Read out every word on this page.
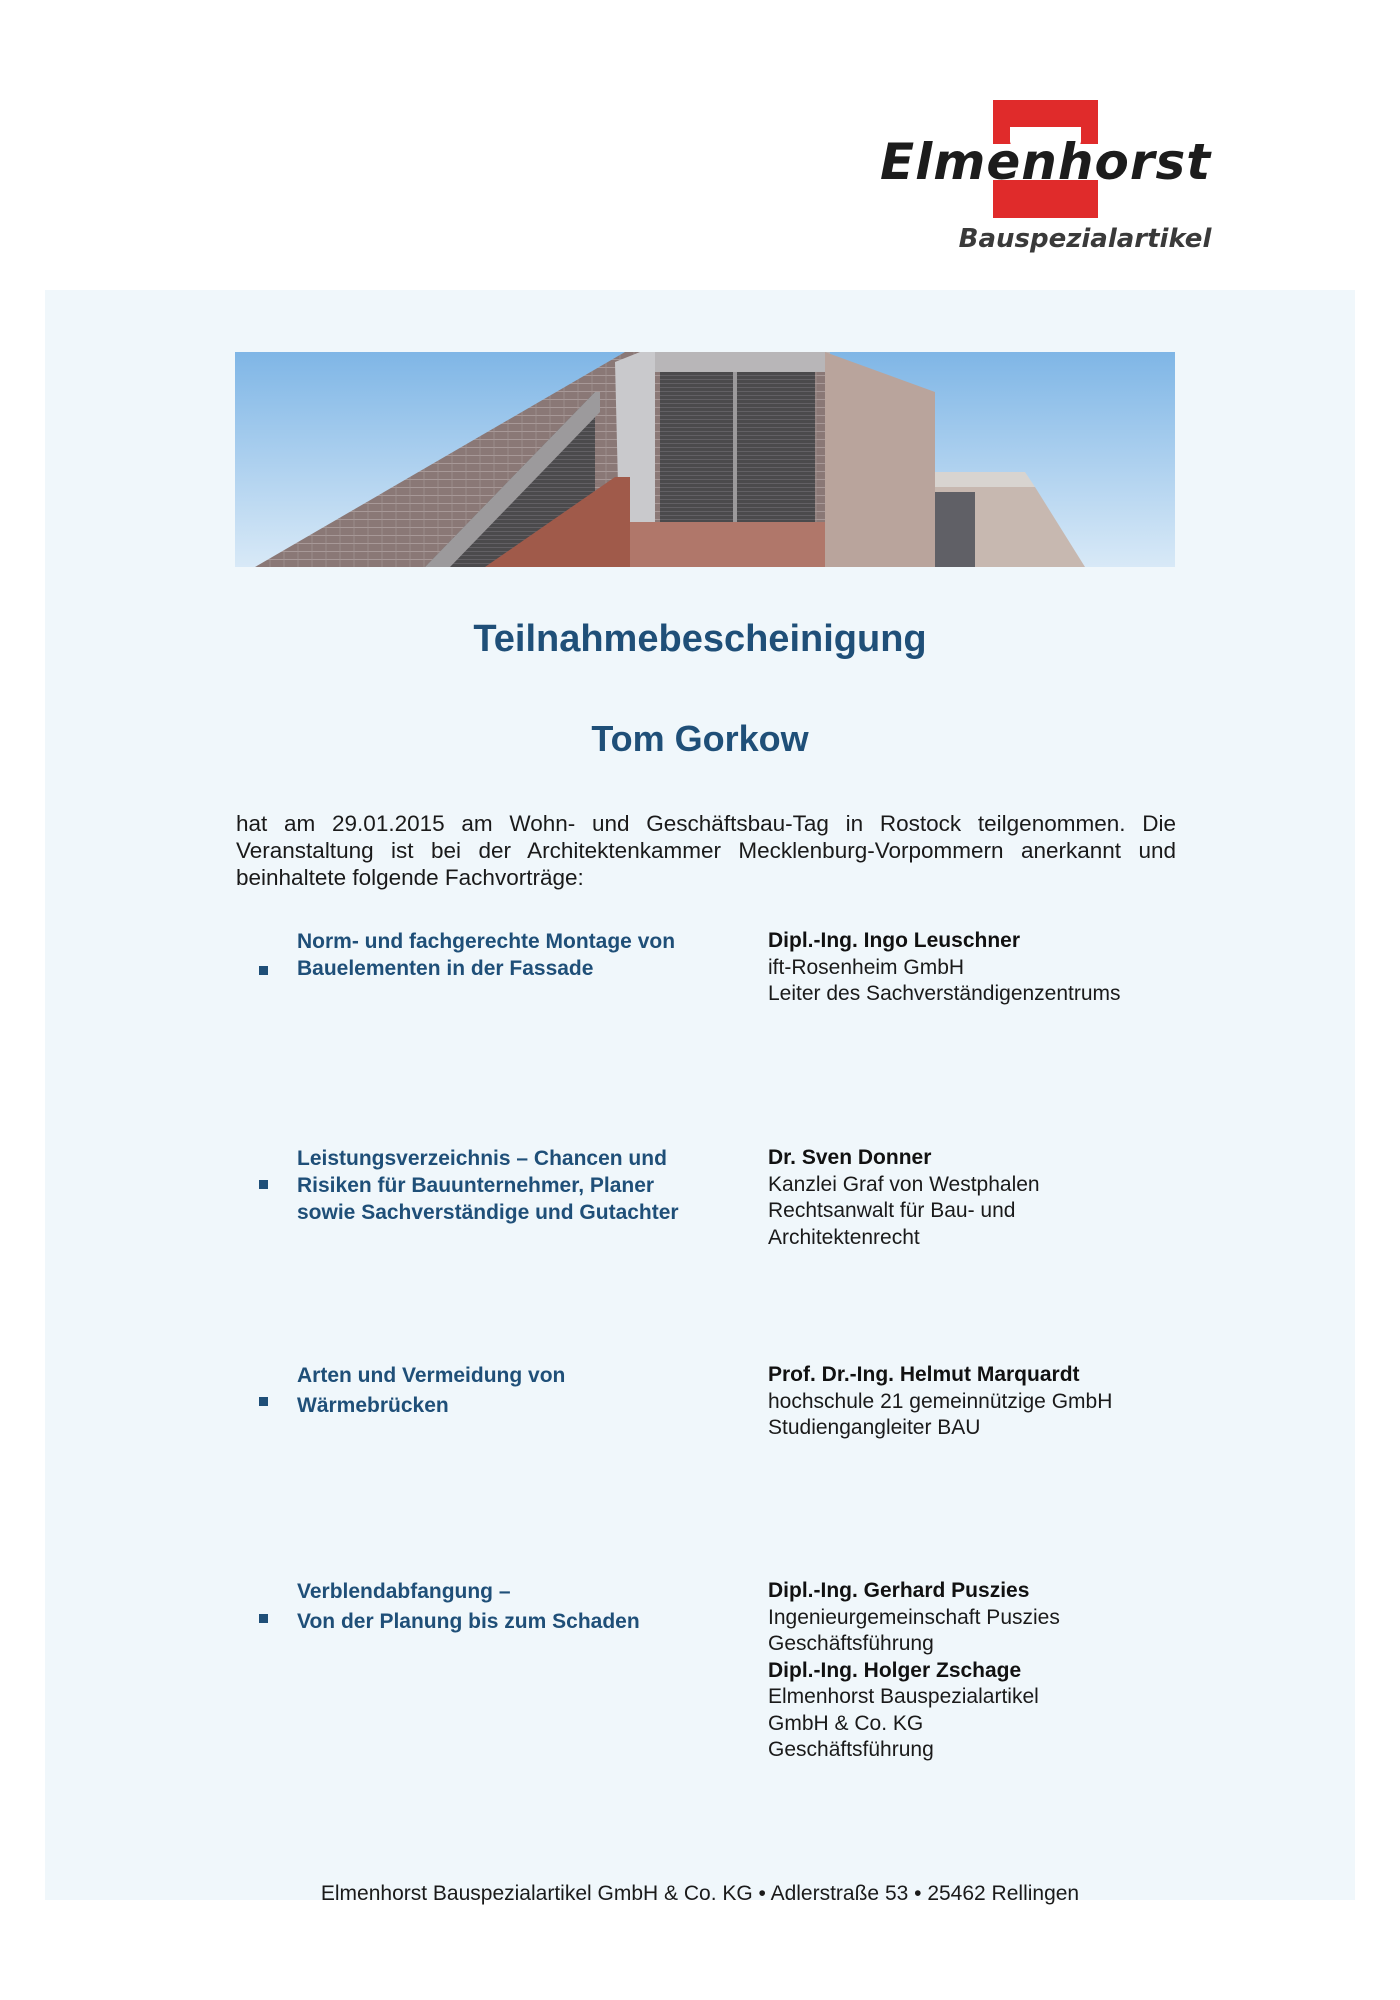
Elmenhorst
Bauspezialartikel
Teilnahmebescheinigung
Tom Gorkow
hat am 29.01.2015 am Wohn- und Geschäftsbau-Tag in Rostock teilgenommen. Die Veranstaltung ist bei der Architektenkammer Mecklenburg-Vorpommern anerkannt und beinhaltete folgende Fachvorträge:
Norm- und fachgerechte Montage von
Bauelementen in der Fassade
Dipl.-Ing. Ingo Leuschner
ift-Rosenheim GmbH
Leiter des Sachverständigenzentrums
Leistungsverzeichnis – Chancen und
Risiken für Bauunternehmer, Planer
sowie Sachverständige und Gutachter
Dr. Sven Donner
Kanzlei Graf von Westphalen
Rechtsanwalt für Bau- und
Architektenrecht
Arten und Vermeidung von
Wärmebrücken
Prof. Dr.-Ing. Helmut Marquardt
hochschule 21 gemeinnützige GmbH
Studiengangleiter BAU
Verblendabfangung –
Von der Planung bis zum Schaden
Dipl.-Ing. Gerhard Puszies
Ingenieurgemeinschaft Puszies
Geschäftsführung
Dipl.-Ing. Holger Zschage
Elmenhorst Bauspezialartikel
GmbH & Co. KG
Geschäftsführung
Elmenhorst Bauspezialartikel GmbH & Co. KG • Adlerstraße 53 • 25462 Rellingen
